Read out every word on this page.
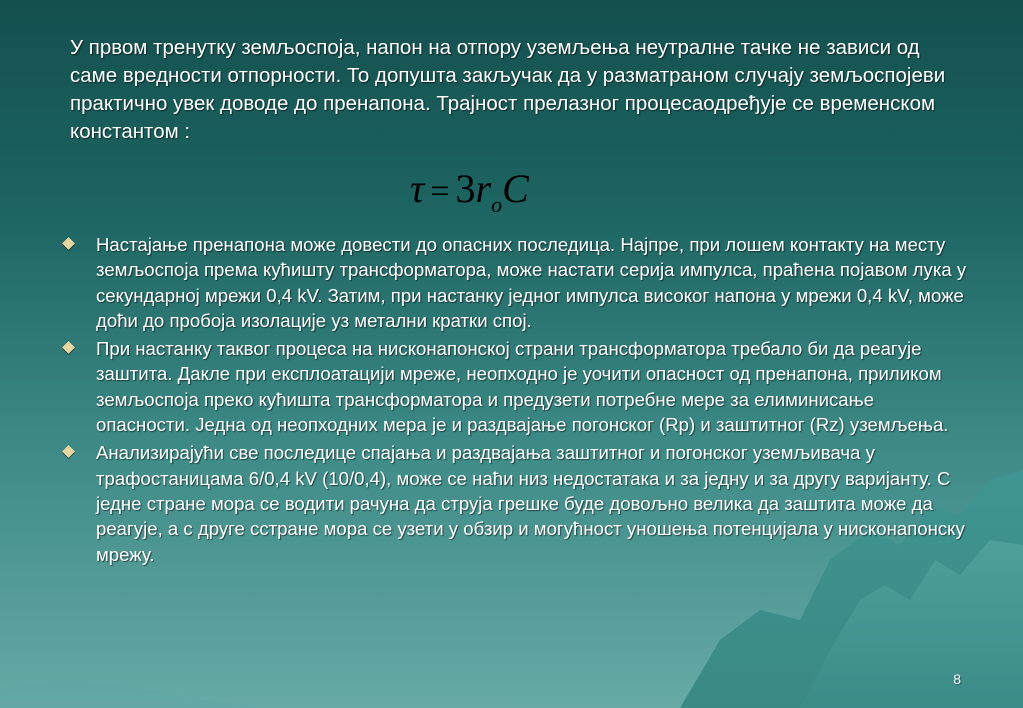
У првом тренутку земљоспоја, напон на отпору уземљења неутралне тачке не зависи од саме вредности отпорности. То допушта закључак да у разматраном случају земљоспојеви практично увек доводе до пренапона. Трајност прелазног процесаодређује се временском константом :

$\tau = 3r_oC$
Настајање пренапона може довести до опасних последица. Најпре, при лошем контакту на месту земљоспоја према кућишту трансформатора, може настати серија импулса, праћена појавом лука у секундарној мрежи 0,4 kV. Затим, при настанку једног импулса високог напона у мрежи 0,4 kV, може доћи до пробоја изолације уз метални кратки спој.
При настанку таквог процеса на нисконапонској страни трансформатора требало би да реагује заштита. Дакле при експлоатацији мреже, неопходно је уочити опасност од пренапона, приликом земљоспоја преко кућишта трансформатора и предузети потребне мере за елиминисање опасности. Једна од неопходних мера је и раздвајање погонског (Rp) и заштитног (Rz) уземљења.
Анализирајући све последице спајања и раздвајања заштитног и погонског уземљивача у трафостаницама 6/0,4 kV (10/0,4), може се наћи низ недостатака и за једну и за другу варијанту. С једне стране мора се водити рачуна да струја грешке буде довољно велика да заштита може да реагује, а с друге сстране мора се узети у обзир и могућност уношења потенцијала у нисконапонску мрежу.
8
